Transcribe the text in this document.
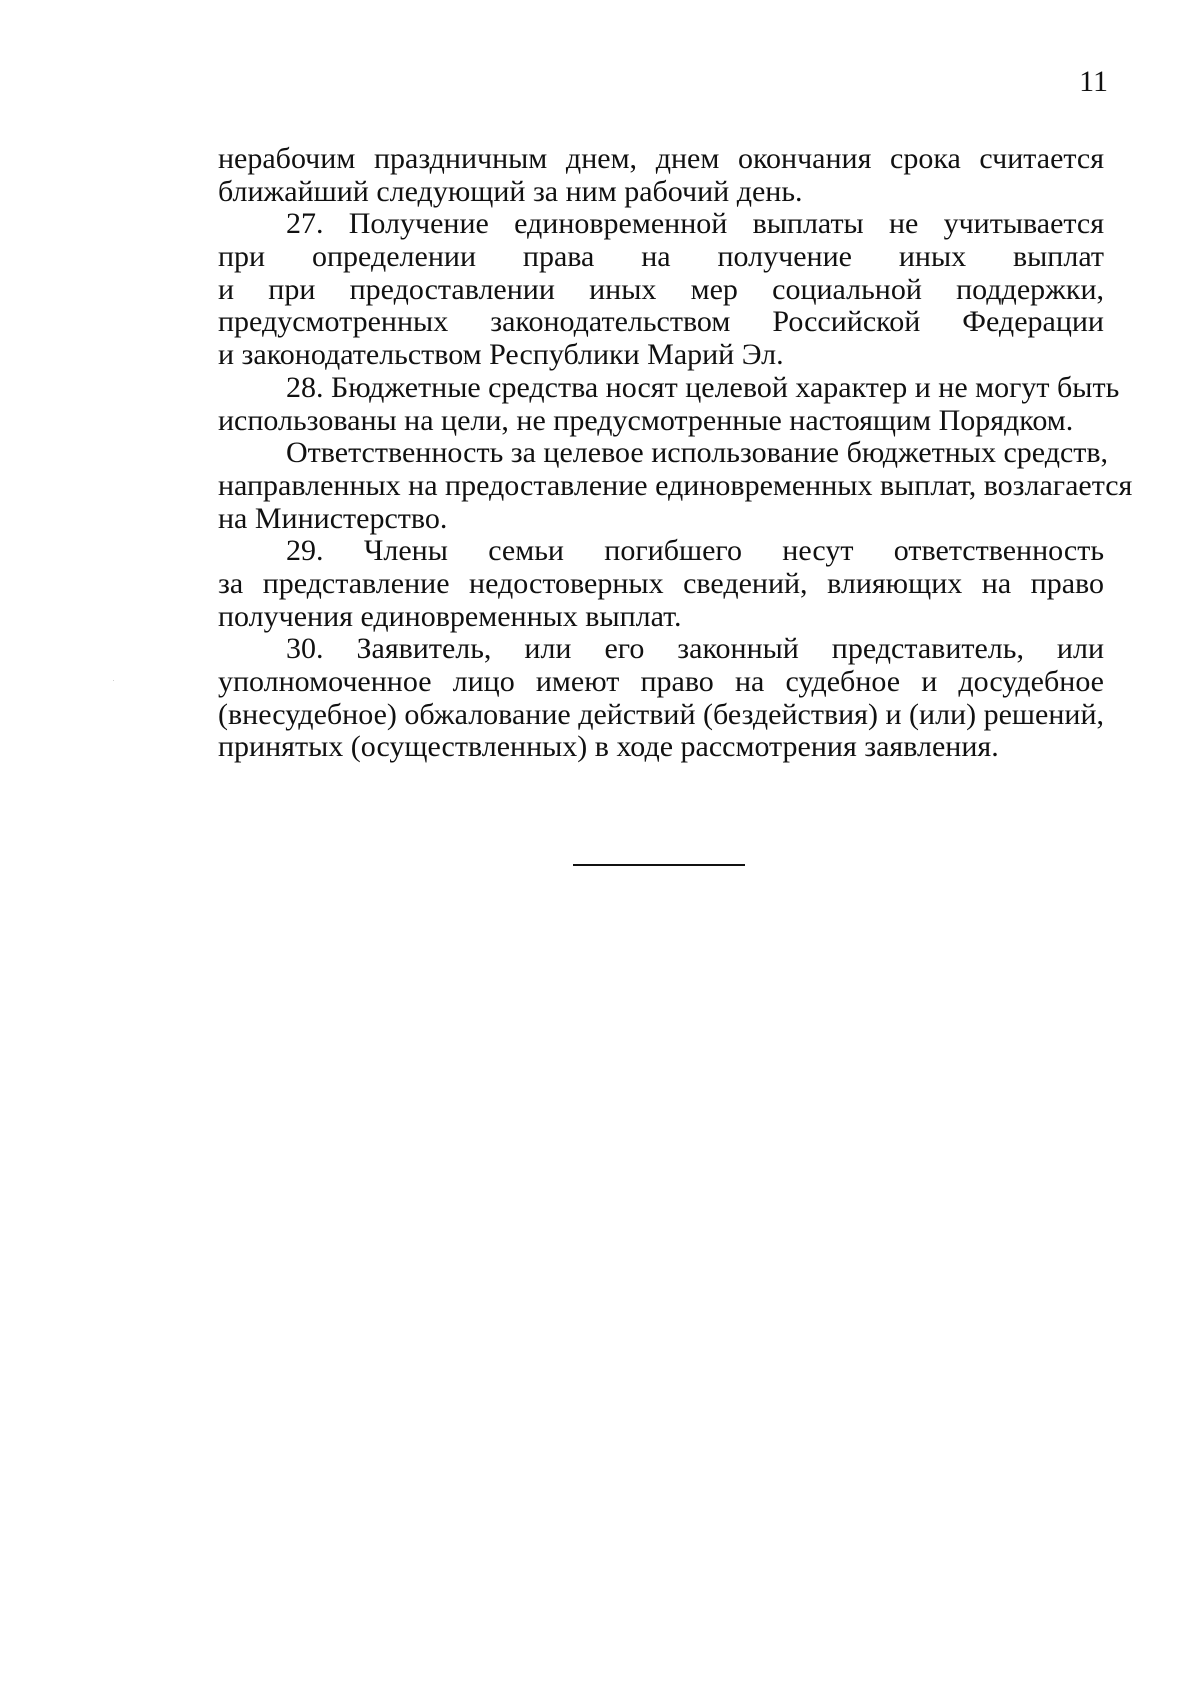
11
нерабочим праздничным днем, днем окончания срока считается
ближайший следующий за ним рабочий день.
27. Получение единовременной выплаты не учитывается
при определении права на получение иных выплат
и при предоставлении иных мер социальной поддержки,
предусмотренных законодательством Российской Федерации
и законодательством Республики Марий Эл.
28. Бюджетные средства носят целевой характер и не могут быть
использованы на цели, не предусмотренные настоящим Порядком.
Ответственность за целевое использование бюджетных средств,
направленных на предоставление единовременных выплат, возлагается
на Министерство.
29. Члены семьи погибшего несут ответственность
за представление недостоверных сведений, влияющих на право
получения единовременных выплат.
30. Заявитель, или его законный представитель, или
уполномоченное лицо имеют право на судебное и досудебное
(внесудебное) обжалование действий (бездействия) и (или) решений,
принятых (осуществленных) в ходе рассмотрения заявления.
